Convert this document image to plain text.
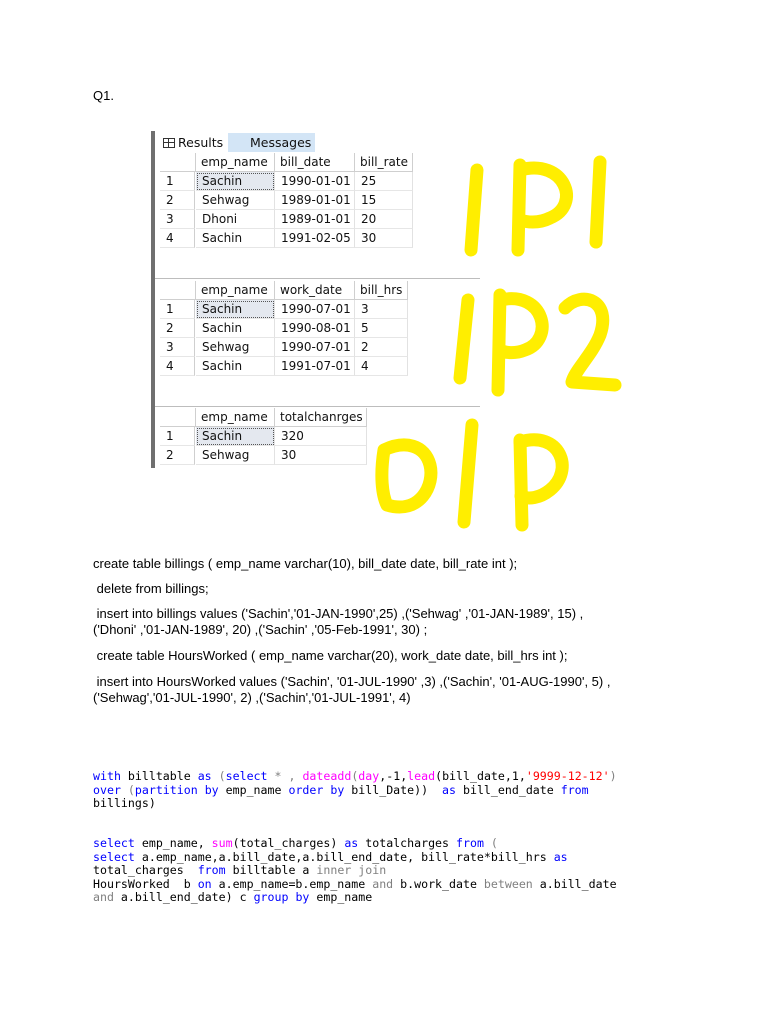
Q1.
Results	Messages
emp_name	bill_date	bill_rate
1	Sachin	1990-01-01 25
2	Sehwag	1989-01-01 15
3	Dhoni	1989-01-01 20
4	Sachin	1991-02-05 30
emp_name	work_date	bill_hrs
1	Sachin	1990-07-01 3
2	Sachin	1990-08-01 5
3	Sehwag	1990-07-01 2
4	Sachin	1991-07-01 4
emp_name	totalchanrges
1	Sachin	320
2	Sehwag	30
create table billings ( emp_name varchar(10), bill_date date, bill_rate int );
delete from billings;
insert into billings values ('Sachin','01-JAN-1990',25) ,('Sehwag' ,'01-JAN-1989', 15) ,
('Dhoni' ,'01-JAN-1989', 20) ,('Sachin' ,'05-Feb-1991', 30) ;
create table HoursWorked ( emp_name varchar(20), work_date date, bill_hrs int );
insert into HoursWorked values ('Sachin', '01-JUL-1990' ,3) ,('Sachin', '01-AUG-1990', 5) ,
('Sehwag','01-JUL-1990', 2) ,('Sachin','01-JUL-1991', 4)
with billtable as (select * , dateadd(day,-1,lead(bill_date,1,'9999-12-12')
over (partition by emp_name order by bill_Date))  as bill_end_date from
billings)
select emp_name, sum(total_charges) as totalcharges from (
select a.emp_name,a.bill_date,a.bill_end_date, bill_rate*bill_hrs as
total_charges  from billtable a inner join
HoursWorked  b on a.emp_name=b.emp_name and b.work_date between a.bill_date
and a.bill_end_date) c group by emp_name
